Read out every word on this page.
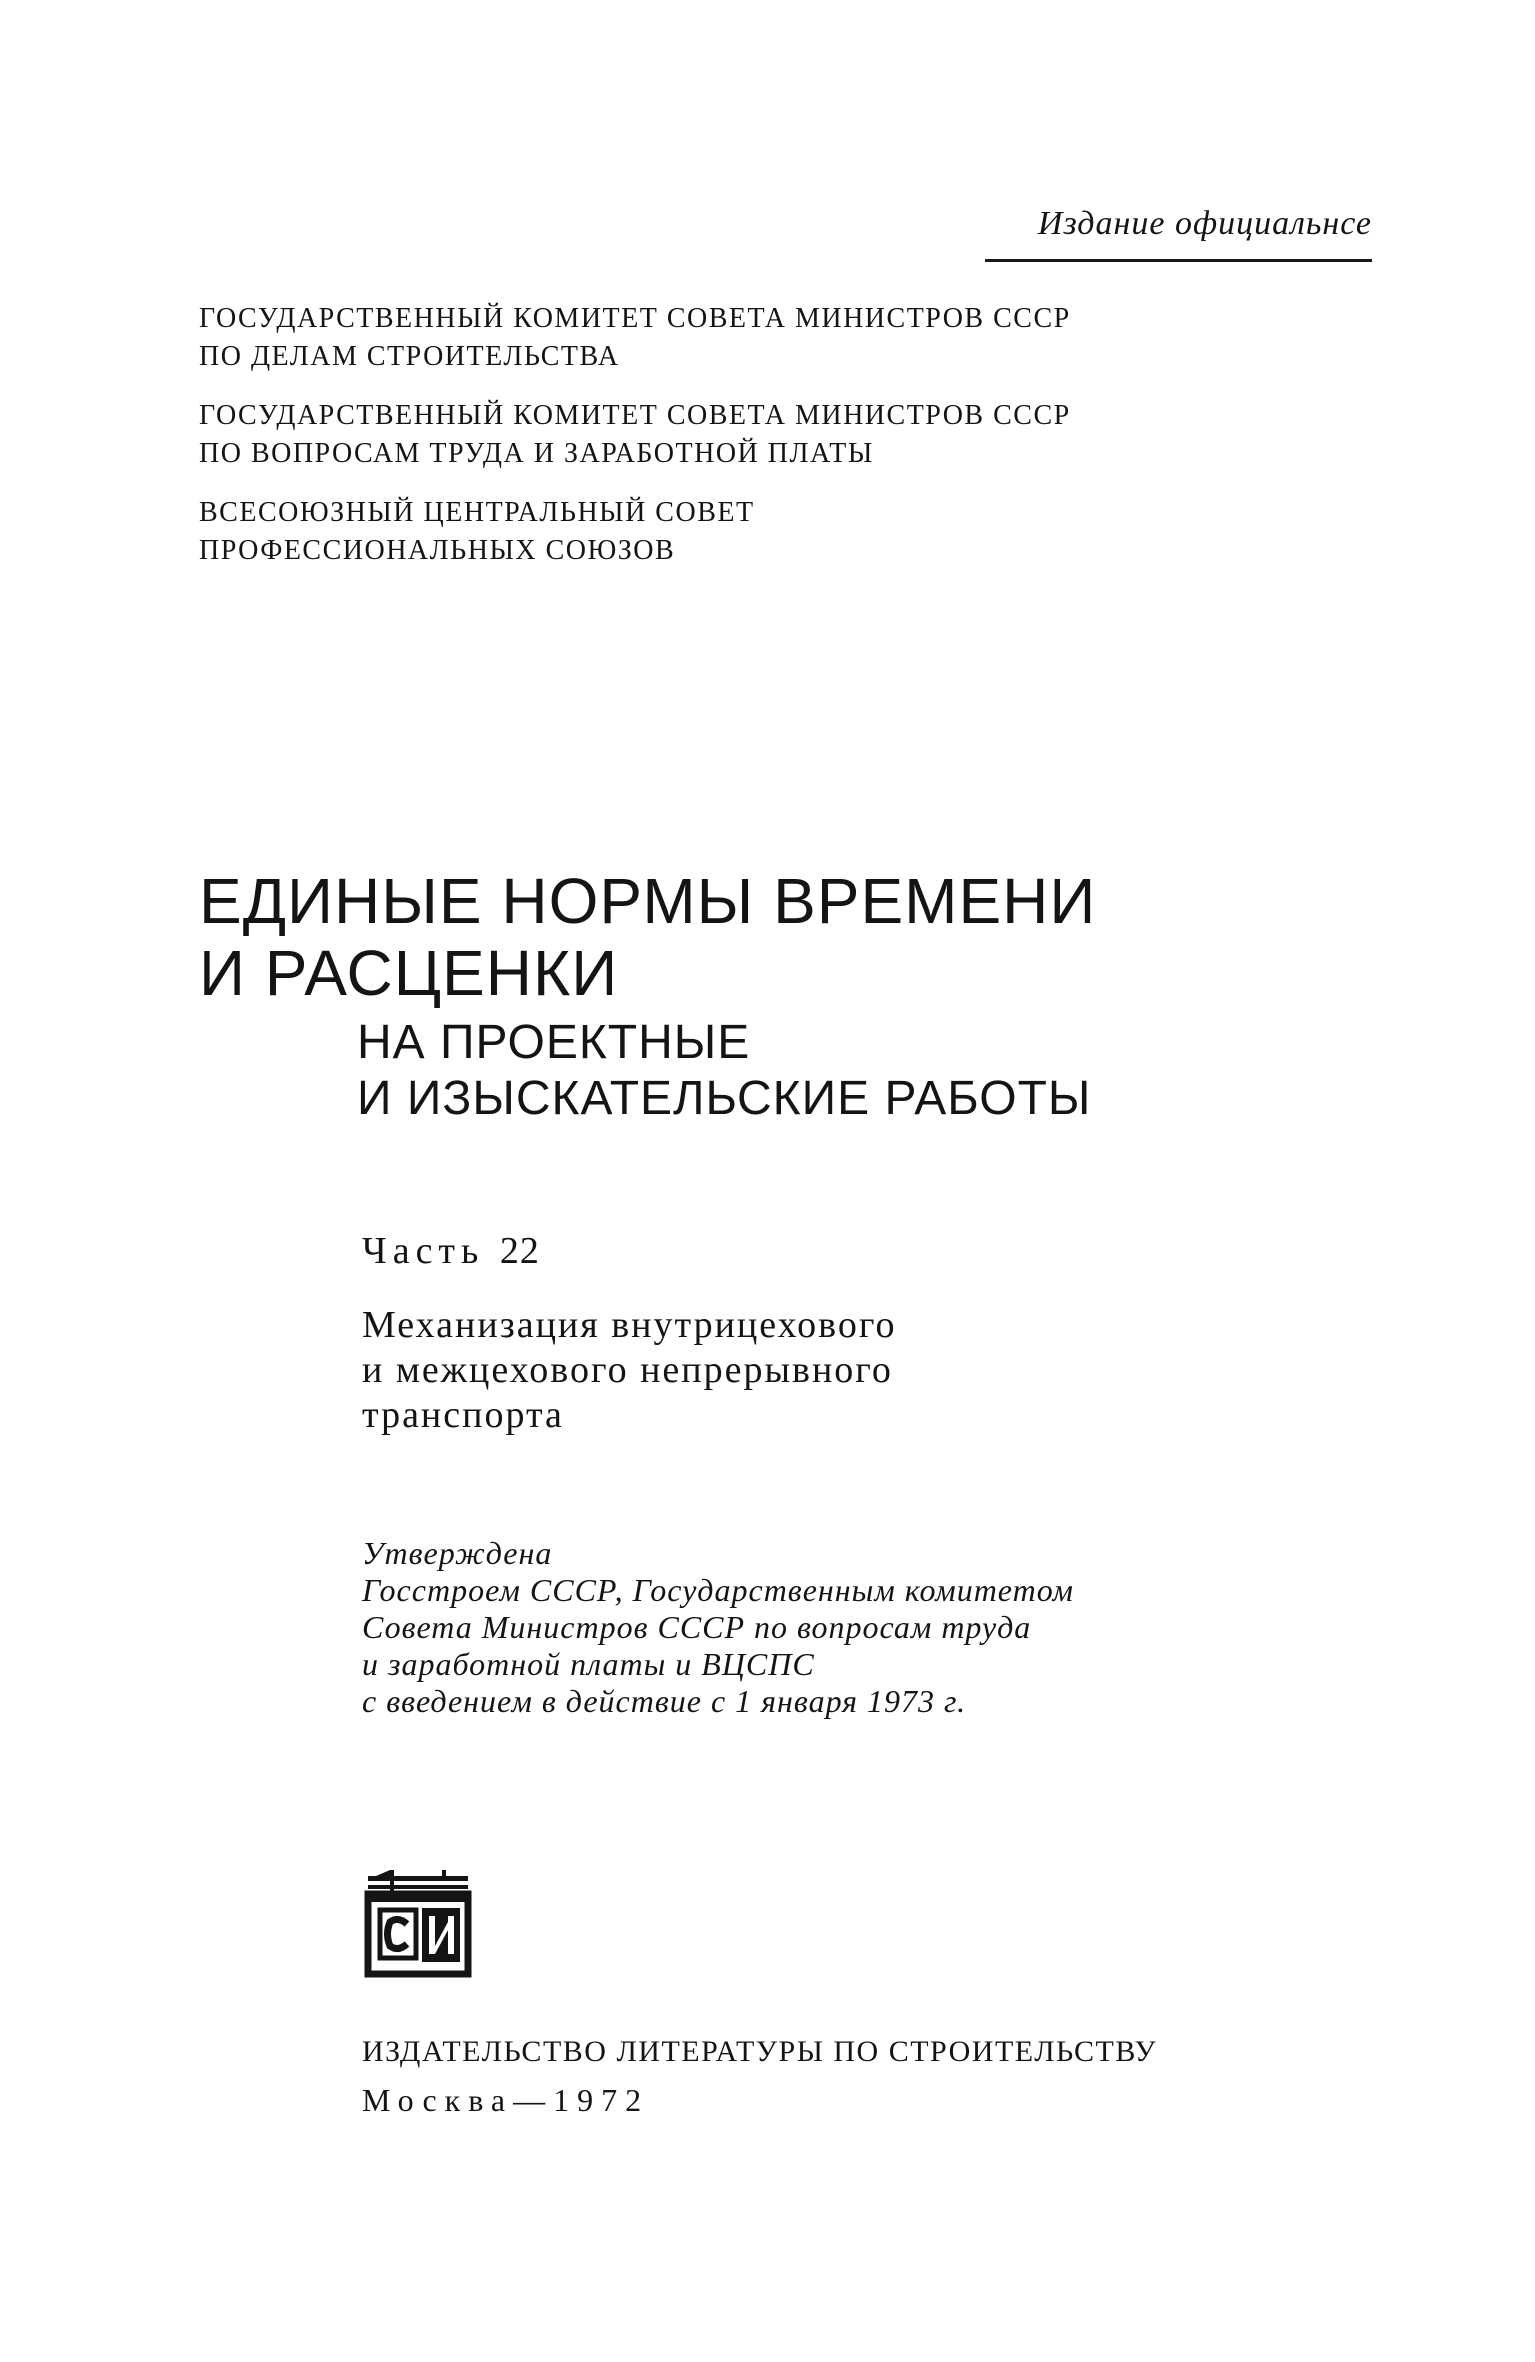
Издание официальнсе
ГОСУДАРСТВЕННЫЙ КОМИТЕТ СОВЕТА МИНИСТРОВ СССР
ПО ДЕЛАМ СТРОИТЕЛЬСТВА
ГОСУДАРСТВЕННЫЙ КОМИТЕТ СОВЕТА МИНИСТРОВ СССР
ПО ВОПРОСАМ ТРУДА И ЗАРАБОТНОЙ ПЛАТЫ
ВСЕСОЮЗНЫЙ ЦЕНТРАЛЬНЫЙ СОВЕТ
ПРОФЕССИОНАЛЬНЫХ СОЮЗОВ
ЕДИНЫЕ НОРМЫ ВРЕМЕНИ
И РАСЦЕНКИ
НА ПРОЕКТНЫЕ
И ИЗЫСКАТЕЛЬСКИЕ РАБОТЫ
Часть 22
Механизация внутрицехового
и межцехового непрерывного
транспорта
Утверждена
Госстроем СССР, Государственным комитетом
Совета Министров СССР по вопросам труда
и заработной платы и ВЦСПС
с введением в действие с 1 января 1973 г.
ИЗДАТЕЛЬСТВО ЛИТЕРАТУРЫ ПО СТРОИТЕЛЬСТВУ
Москва—1972
